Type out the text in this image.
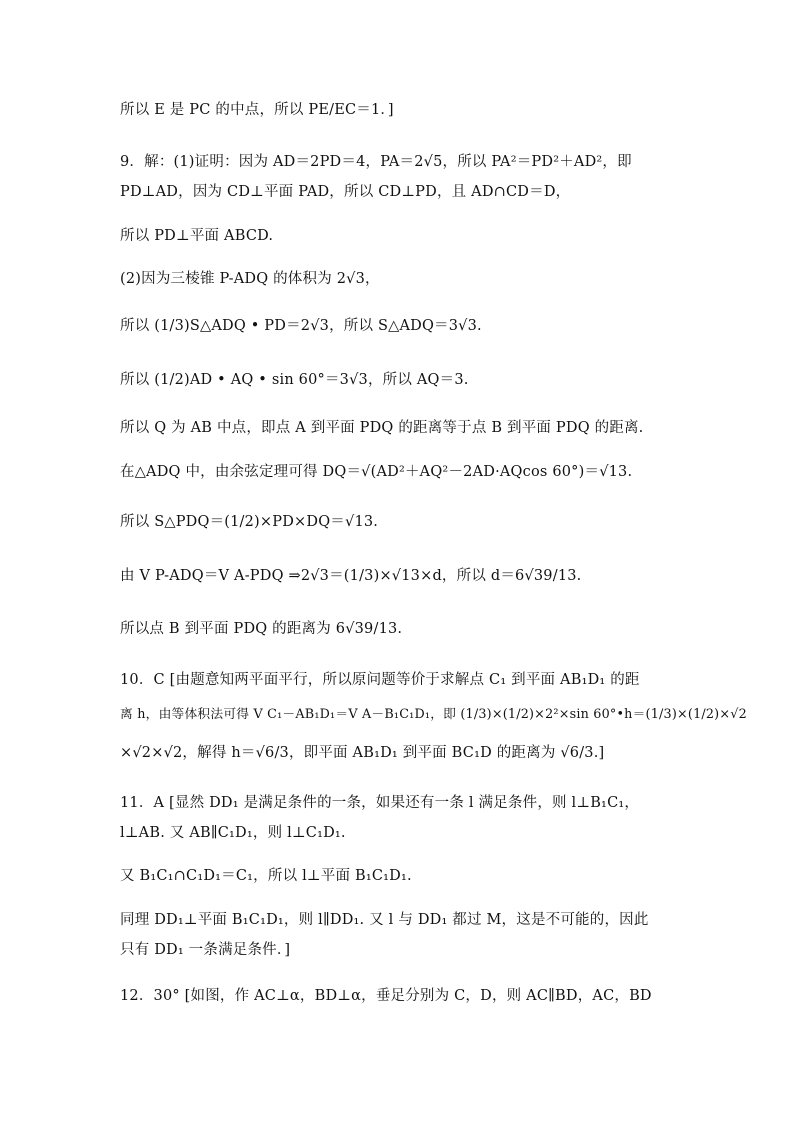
所以 E 是 PC 的中点，所以 PE/EC＝1．]
9．解：(1)证明：因为 AD＝2PD＝4，PA＝2√5，所以 PA²＝PD²＋AD²，即
PD⊥AD，因为 CD⊥平面 PAD，所以 CD⊥PD，且 AD∩CD＝D，
所以 PD⊥平面 ABCD.
(2)因为三棱锥 P-ADQ 的体积为 2√3，
所以 (1/3)S△ADQ • PD＝2√3，所以 S△ADQ＝3√3.
所以 (1/2)AD • AQ • sin 60°＝3√3，所以 AQ＝3.
所以 Q 为 AB 中点，即点 A 到平面 PDQ 的距离等于点 B 到平面 PDQ 的距离.
在△ADQ 中，由余弦定理可得 DQ＝√(AD²＋AQ²－2AD·AQcos 60°)＝√13.
所以 S△PDQ＝(1/2)×PD×DQ＝√13.
由 V P-ADQ＝V A-PDQ ⇒2√3＝(1/3)×√13×d，所以 d＝6√39/13.
所以点 B 到平面 PDQ 的距离为 6√39/13.
10．C [由题意知两平面平行，所以原问题等价于求解点 C₁ 到平面 AB₁D₁ 的距
离 h，由等体积法可得 V C₁－AB₁D₁＝V A－B₁C₁D₁，即 (1/3)×(1/2)×2²×sin 60°•h＝(1/3)×(1/2)×√2
×√2×√2，解得 h＝√6/3，即平面 AB₁D₁ 到平面 BC₁D 的距离为 √6/3.]
11．A [显然 DD₁ 是满足条件的一条，如果还有一条 l 满足条件，则 l⊥B₁C₁，
l⊥AB. 又 AB∥C₁D₁，则 l⊥C₁D₁.
又 B₁C₁∩C₁D₁＝C₁，所以 l⊥平面 B₁C₁D₁.
同理 DD₁⊥平面 B₁C₁D₁，则 l∥DD₁. 又 l 与 DD₁ 都过 M，这是不可能的，因此
只有 DD₁ 一条满足条件．]
12．30° [如图，作 AC⊥α，BD⊥α，垂足分别为 C，D，则 AC∥BD，AC，BD
